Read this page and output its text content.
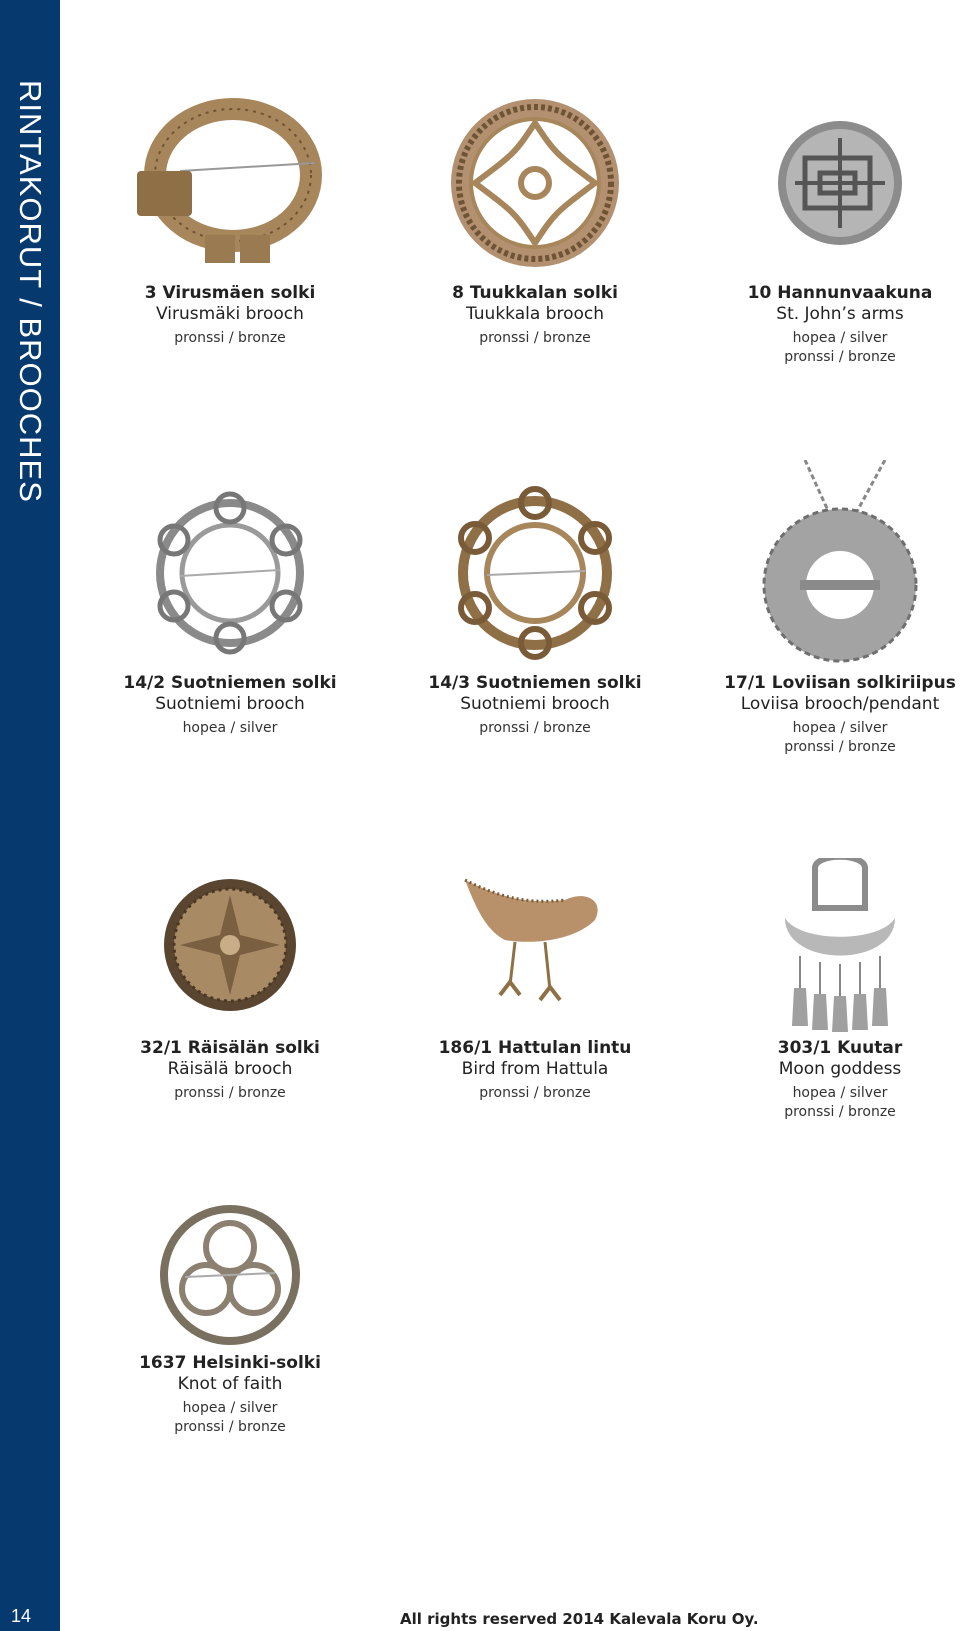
RINTAKORUT / BROOCHES
14
3 Virusmäen solki
Virusmäki brooch
pronssi / bronze
8 Tuukkalan solki
Tuukkala brooch
pronssi / bronze
10 Hannunvaakuna
St. John’s arms
hopea / silver
pronssi / bronze
14/2 Suotniemen solki
Suotniemi brooch
hopea / silver
14/3 Suotniemen solki
Suotniemi brooch
pronssi / bronze
17/1 Loviisan solkiriipus
Loviisa brooch/pendant
hopea / silver
pronssi / bronze
32/1 Räisälän solki
Räisälä brooch
pronssi / bronze
186/1 Hattulan lintu
Bird from Hattula
pronssi / bronze
303/1 Kuutar
Moon goddess
hopea / silver
pronssi / bronze
1637 Helsinki-solki
Knot of faith
hopea / silver
pronssi / bronze
All rights reserved 2014 Kalevala Koru Oy.
